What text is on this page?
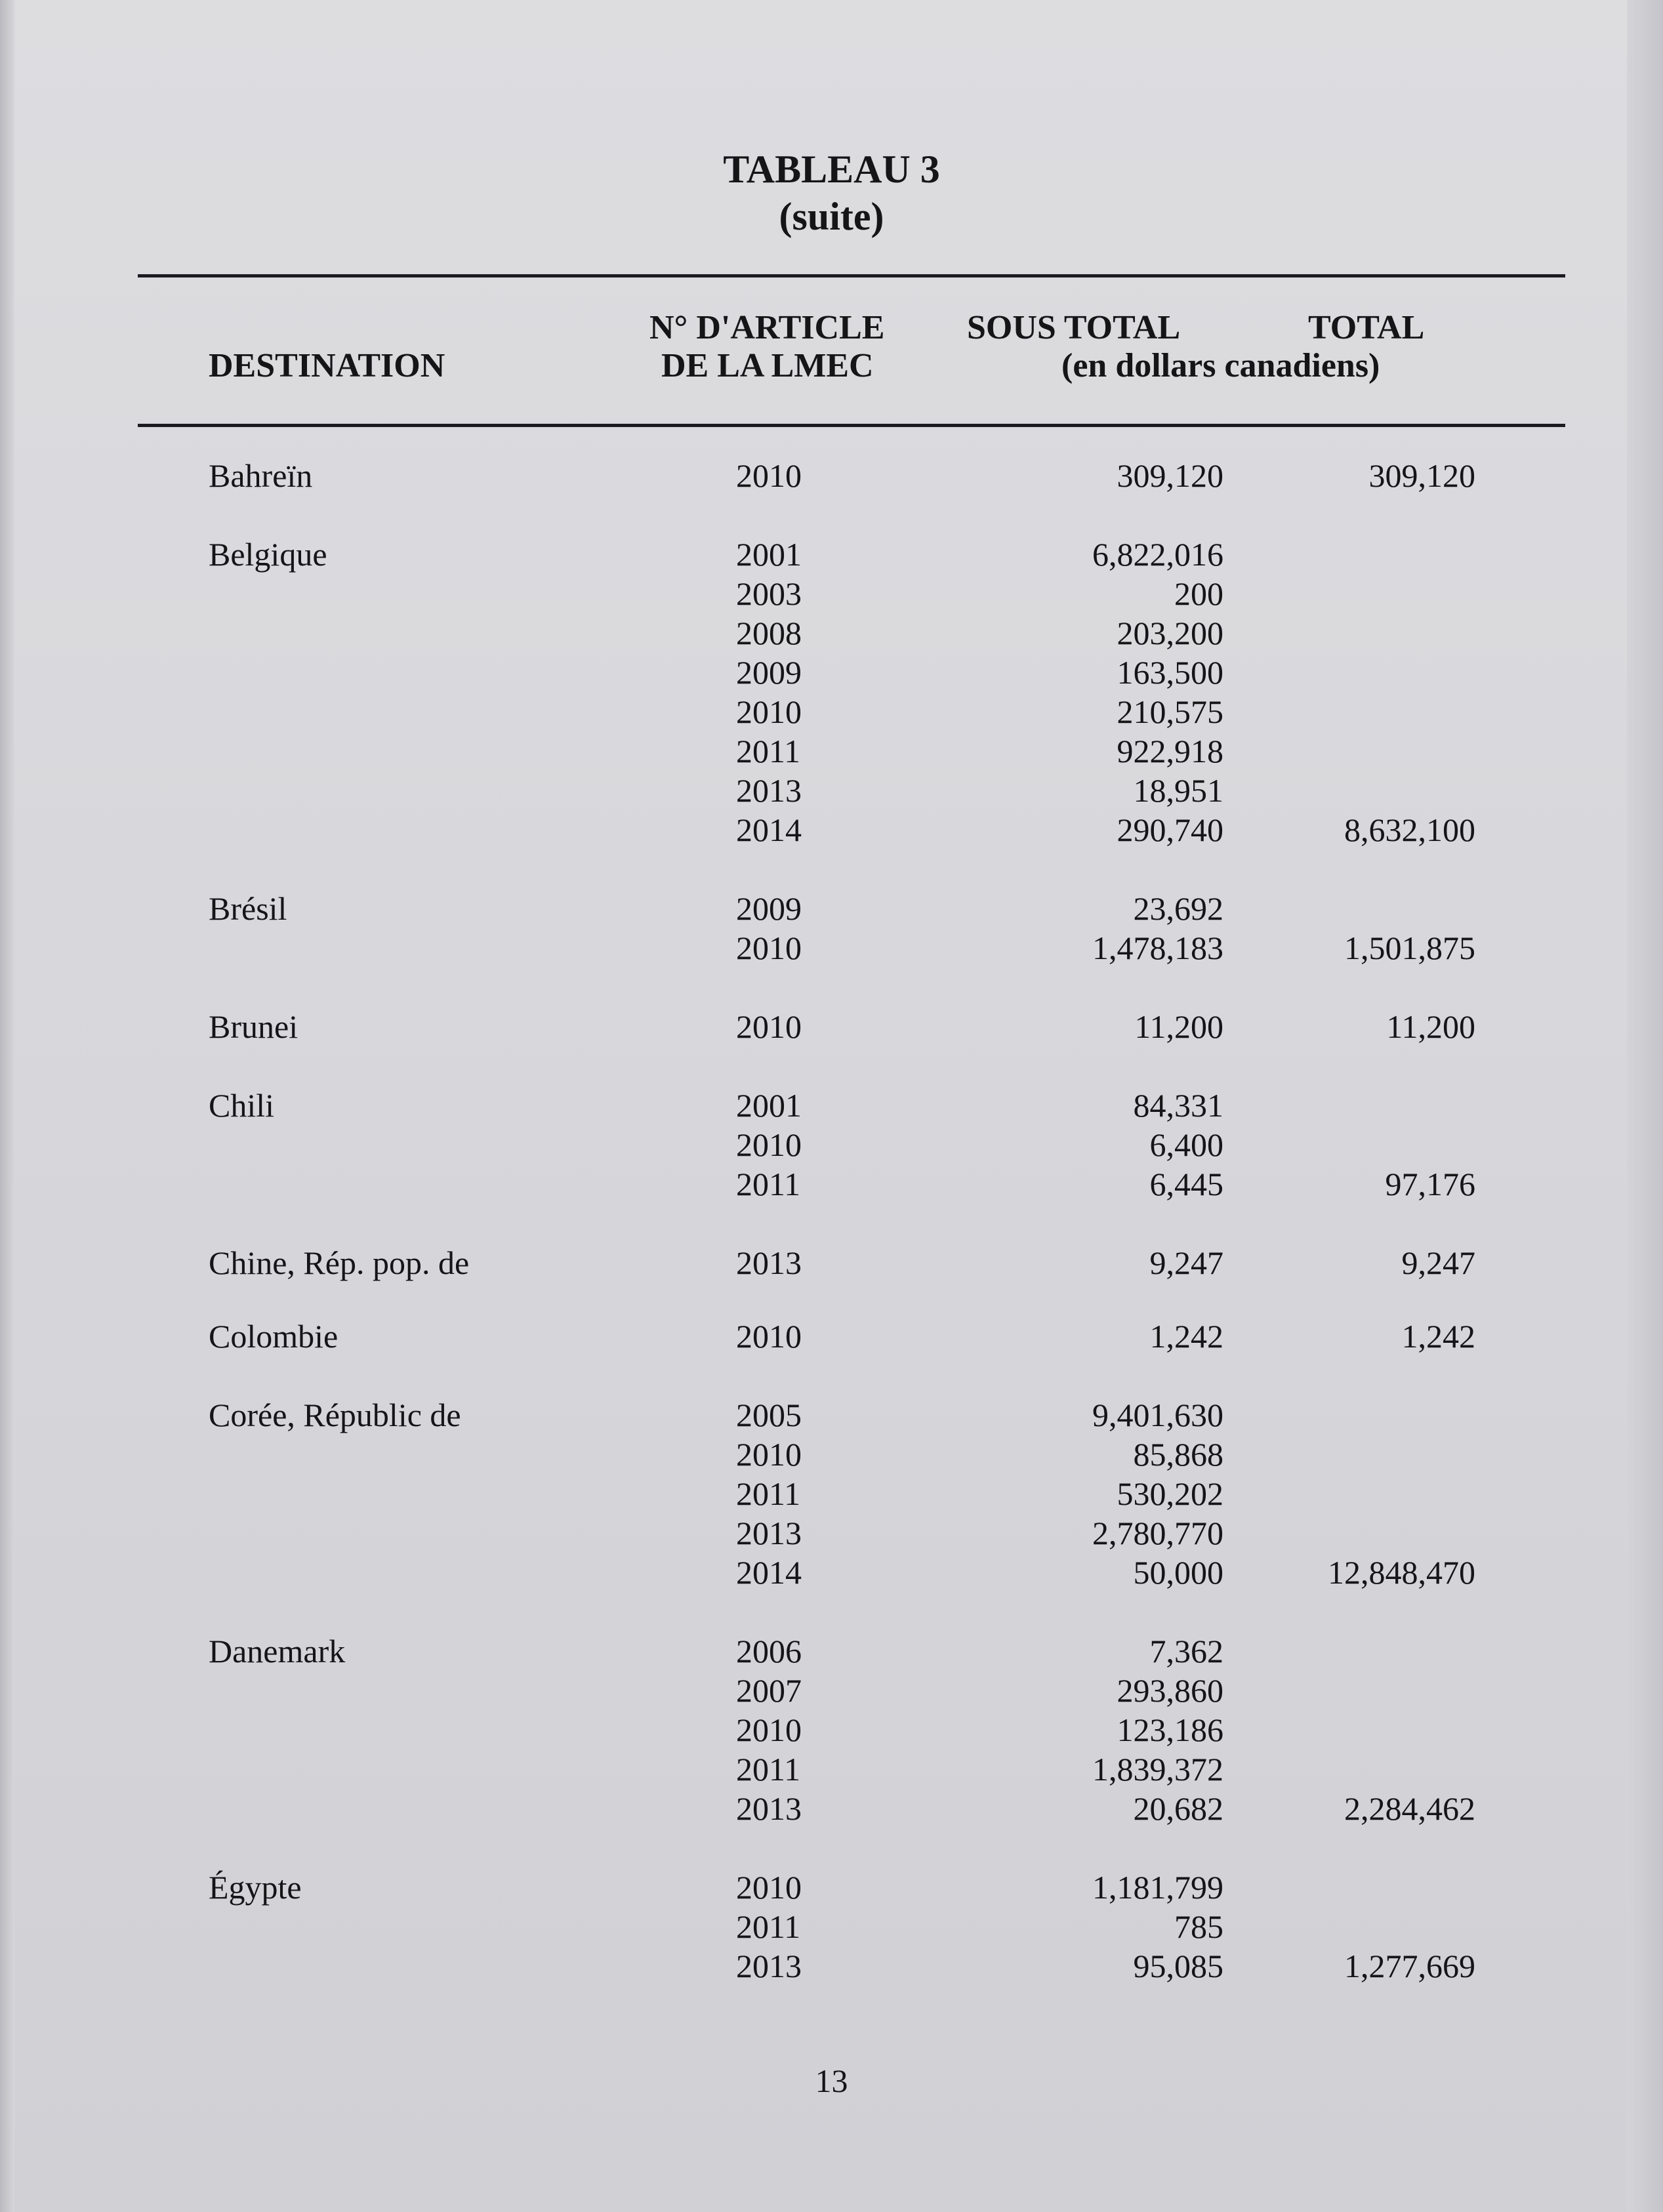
TABLEAU 3
(suite)
DESTINATION
N° D'ARTICLE
DE LA LMEC
SOUS TOTAL	TOTAL
(en dollars canadiens)
Bahreïn	2010	309,120	309,120
Belgique	2001	6,822,016
2003	200
2008	203,200
2009	163,500
2010	210,575
2011	922,918
2013	18,951
2014	290,740	8,632,100
Brésil	2009	23,692
2010	1,478,183	1,501,875
Brunei	2010	11,200	11,200
Chili	2001	84,331
2010	6,400
2011	6,445	97,176
Chine, Rép. pop. de	2013	9,247	9,247
Colombie	2010	1,242	1,242
Corée, Républic de	2005	9,401,630
2010	85,868
2011	530,202
2013	2,780,770
2014	50,000	12,848,470
Danemark	2006	7,362
2007	293,860
2010	123,186
2011	1,839,372
2013	20,682	2,284,462
Égypte	2010	1,181,799
2011	785
2013	95,085	1,277,669
13
